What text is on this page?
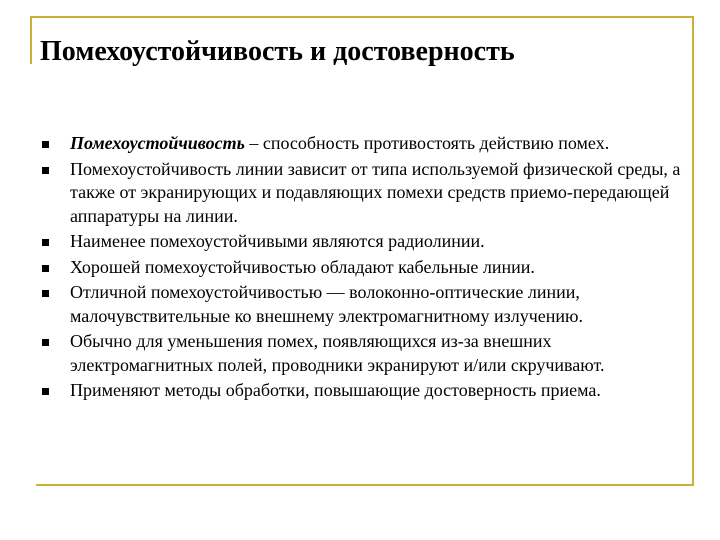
Помехоустойчивость и достоверность
Помехоустойчивость – способность противостоять действию помех.
Помехоустойчивость линии зависит от типа используемой физической среды, а также от экранирующих и подавляющих помехи средств приемо-передающей аппаратуры на линии.
Наименее помехоустойчивыми являются радиолинии.
Хорошей помехоустойчивостью обладают кабельные линии.
Отличной помехоустойчивостью — волоконно-оптические линии, малочувствительные ко внешнему электромагнитному излучению.
Обычно для уменьшения помех, появляющихся из-за внешних электромагнитных полей, проводники экранируют и/или скручивают.
Применяют методы обработки, повышающие достоверность приема.
